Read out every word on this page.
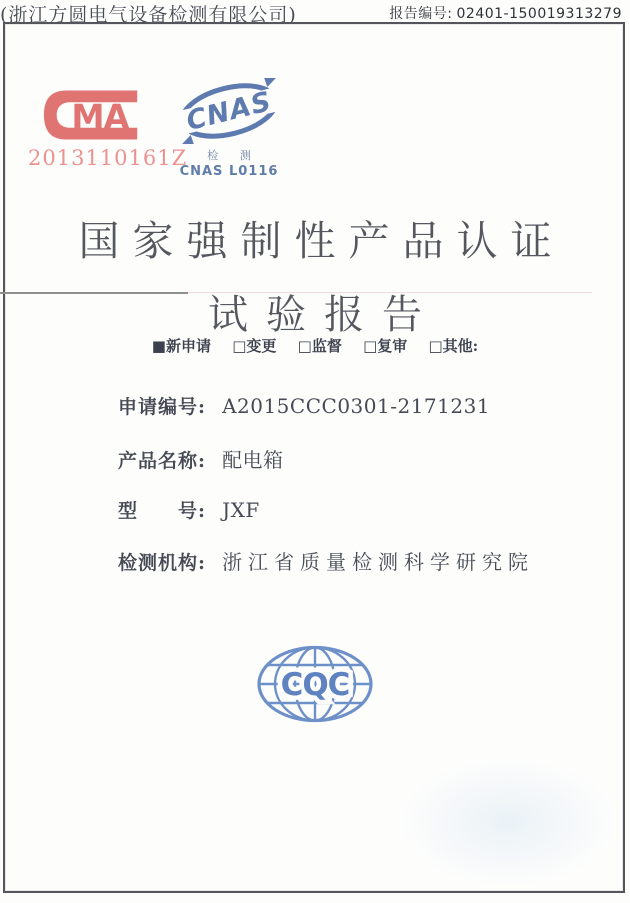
报告编号: 02401-150019313279
MA
2013110161Z
CNAS
检 测
CNAS L0116
国家强制性产品认证
试验报告
■新申请 □变更 □监督 □复审 □其他:
申请编号: A2015CCC0301-2171231
产品名称: 配电箱
型　　号: JXF
检测机构: 浙江省质量检测科学研究院
(浙江方圆电气设备检测有限公司)
CQC
